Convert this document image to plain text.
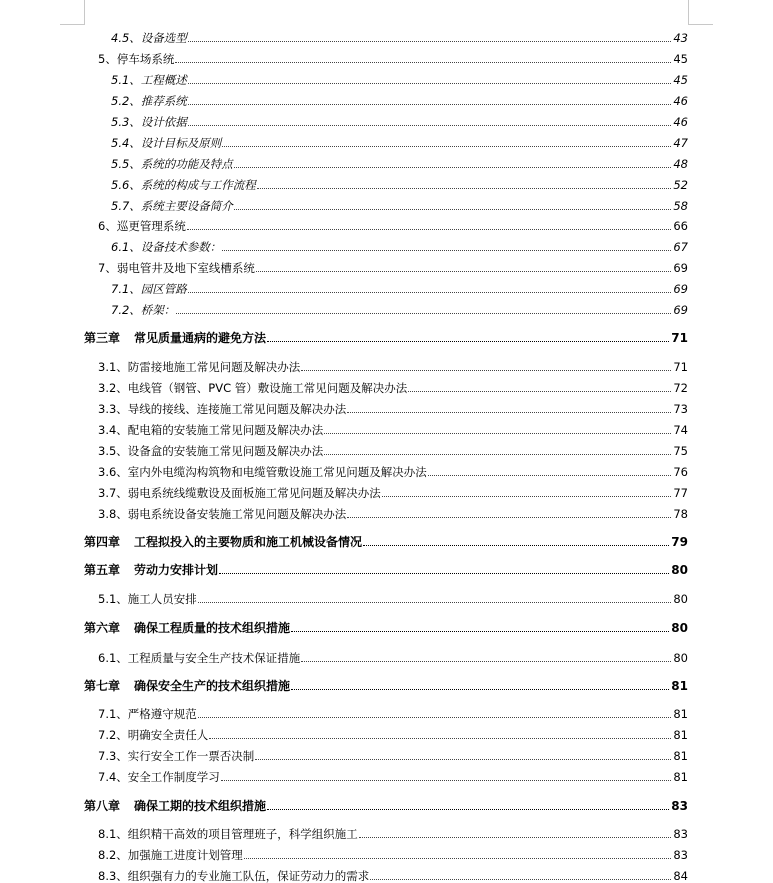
4.5、 设备选型	43
5、 停车场系统	45
5.1、 工程概述	45
5.2、 推荐系统	46
5.3、 设计依据	46
5.4、 设计目标及原则	47
5.5、 系统的功能及特点	48
5.6、 系统的构成与工作流程	52
5.7、 系统主要设备简介	58
6、 巡更管理系统	66
6.1、 设备技术参数：	67
7、 弱电管井及地下室线槽系统	69
7.1、 园区管路	69
7.2、 桥架：	69
第三章 常见质量通病的避免方法	71
3.1、 防雷接地施工常见问题及解决办法	71
3.2、 电线管（钢管、PVC 管）敷设施工常见问题及解决办法	72
3.3、 导线的接线、连接施工常见问题及解决办法	73
3.4、 配电箱的安装施工常见问题及解决办法	74
3.5、 设备盒的安装施工常见问题及解决办法	75
3.6、 室内外电缆沟构筑物和电缆管敷设施工常见问题及解决办法	76
3.7、 弱电系统线缆敷设及面板施工常见问题及解决办法	77
3.8、 弱电系统设备安装施工常见问题及解决办法	78
第四章 工程拟投入的主要物质和施工机械设备情况	79
第五章 劳动力安排计划	80
5.1、 施工人员安排	80
第六章 确保工程质量的技术组织措施	80
6.1、 工程质量与安全生产技术保证措施	80
第七章 确保安全生产的技术组织措施	81
7.1、 严格遵守规范	81
7.2、 明确安全责任人	81
7.3、 实行安全工作一票否决制	81
7.4、 安全工作制度学习	81
第八章 确保工期的技术组织措施	83
8.1、 组织精干高效的项目管理班子，科学组织施工	83
8.2、 加强施工进度计划管理	83
8.3、 组织强有力的专业施工队伍，保证劳动力的需求	84
